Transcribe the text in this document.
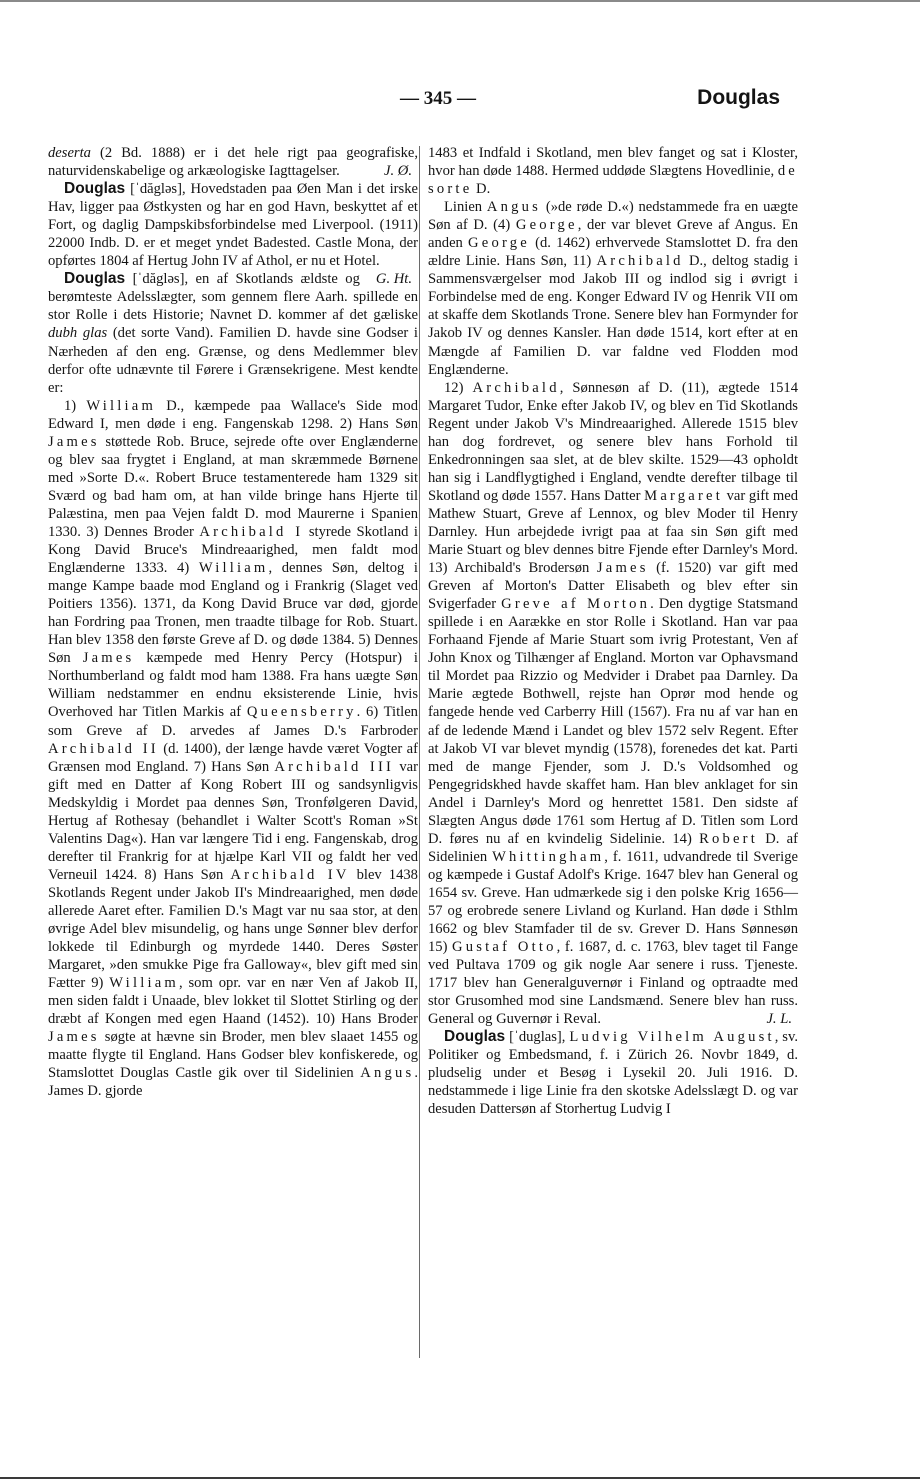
— 345 —	Douglas

deserta (2 Bd. 1888) er i det hele rigt paa geografiske, naturvidenskabelige og arkæologiske Iagttagelser.	J. Ø.

Douglas [ˈdăgləs], Hovedstaden paa Øen Man i det irske Hav, ligger paa Østkysten og har en god Havn, beskyttet af et Fort, og daglig Dampskibsforbindelse med Liverpool. (1911) 22000 Indb. D. er et meget yndet Badested. Castle Mona, der opførtes 1804 af Hertug John IV af Athol, er nu et Hotel.
G. Ht.

Douglas [ˈdăgləs], en af Skotlands ældste og berømteste Adelsslægter, som gennem flere Aarh. spillede en stor Rolle i dets Historie; Navnet D. kommer af det gæliske dubh glas (det sorte Vand). Familien D. havde sine Godser i Nærheden af den eng. Grænse, og dens Medlemmer blev derfor ofte udnævnte til Førere i Grænsekrigene. Mest kendte er:

1) William D., kæmpede paa Wallace's Side mod Edward I, men døde i eng. Fangenskab 1298. 2) Hans Søn James støttede Rob. Bruce, sejrede ofte over Englænderne og blev saa frygtet i England, at man skræmmede Børnene med »Sorte D.«. Robert Bruce testamenterede ham 1329 sit Sværd og bad ham om, at han vilde bringe hans Hjerte til Palæstina, men paa Vejen faldt D. mod Maurerne i Spanien 1330. 3) Dennes Broder Archibald I styrede Skotland i Kong David Bruce's Mindreaarighed, men faldt mod Englænderne 1333. 4) William, dennes Søn, deltog i mange Kampe baade mod England og i Frankrig (Slaget ved Poitiers 1356). 1371, da Kong David Bruce var død, gjorde han Fordring paa Tronen, men traadte tilbage for Rob. Stuart. Han blev 1358 den første Greve af D. og døde 1384. 5) Dennes Søn James kæmpede med Henry Percy (Hotspur) i Northumberland og faldt mod ham 1388. Fra hans uægte Søn William nedstammer en endnu eksisterende Linie, hvis Overhoved har Titlen Markis af Queensberry. 6) Titlen som Greve af D. arvedes af James D.'s Farbroder Archibald II (d. 1400), der længe havde været Vogter af Grænsen mod England. 7) Hans Søn Archibald III var gift med en Datter af Kong Robert III og sandsynligvis Medskyldig i Mordet paa dennes Søn, Tronfølgeren David, Hertug af Rothesay (behandlet i Walter Scott's Roman »St Valentins Dag«). Han var længere Tid i eng. Fangenskab, drog derefter til Frankrig for at hjælpe Karl VII og faldt her ved Verneuil 1424. 8) Hans Søn Archibald IV blev 1438 Skotlands Regent under Jakob II's Mindreaarighed, men døde allerede Aaret efter. Familien D.'s Magt var nu saa stor, at den øvrige Adel blev misundelig, og hans unge Sønner blev derfor lokkede til Edinburgh og myrdede 1440. Deres Søster Margaret, »den smukke Pige fra Galloway«, blev gift med sin Fætter 9) William, som opr. var en nær Ven af Jakob II, men siden faldt i Unaade, blev lokket til Slottet Stirling og der dræbt af Kongen med egen Haand (1452). 10) Hans Broder James søgte at hævne sin Broder, men blev slaaet 1455 og maatte flygte til England. Hans Godser blev konfiskerede, og Stamslottet Douglas Castle gik over til Sidelinien Angus. James D. gjorde

1483 et Indfald i Skotland, men blev fanget og sat i Kloster, hvor han døde 1488. Hermed uddøde Slægtens Hovedlinie, de sorte D.

Linien Angus (»de røde D.«) nedstammede fra en uægte Søn af D. (4) George, der var blevet Greve af Angus. En anden George (d. 1462) erhvervede Stamslottet D. fra den ældre Linie. Hans Søn, 11) Archibald D., deltog stadig i Sammensværgelser mod Jakob III og indlod sig i øvrigt i Forbindelse med de eng. Konger Edward IV og Henrik VII om at skaffe dem Skotlands Trone. Senere blev han Formynder for Jakob IV og dennes Kansler. Han døde 1514, kort efter at en Mængde af Familien D. var faldne ved Flodden mod Englænderne.

12) Archibald, Sønnesøn af D. (11), ægtede 1514 Margaret Tudor, Enke efter Jakob IV, og blev en Tid Skotlands Regent under Jakob V's Mindreaarighed. Allerede 1515 blev han dog fordrevet, og senere blev hans Forhold til Enkedronningen saa slet, at de blev skilte. 1529—43 opholdt han sig i Landflygtighed i England, vendte derefter tilbage til Skotland og døde 1557. Hans Datter Margaret var gift med Mathew Stuart, Greve af Lennox, og blev Moder til Henry Darnley. Hun arbejdede ivrigt paa at faa sin Søn gift med Marie Stuart og blev dennes bitre Fjende efter Darnley's Mord. 13) Archibald's Brodersøn James (f. 1520) var gift med Greven af Morton's Datter Elisabeth og blev efter sin Svigerfader Greve af Morton. Den dygtige Statsmand spillede i en Aarække en stor Rolle i Skotland. Han var paa Forhaand Fjende af Marie Stuart som ivrig Protestant, Ven af John Knox og Tilhænger af England. Morton var Ophavsmand til Mordet paa Rizzio og Medvider i Drabet paa Darnley. Da Marie ægtede Bothwell, rejste han Oprør mod hende og fangede hende ved Carberry Hill (1567). Fra nu af var han en af de ledende Mænd i Landet og blev 1572 selv Regent. Efter at Jakob VI var blevet myndig (1578), forenedes det kat. Parti med de mange Fjender, som J. D.'s Voldsomhed og Pengegridskhed havde skaffet ham. Han blev anklaget for sin Andel i Darnley's Mord og henrettet 1581. Den sidste af Slægten Angus døde 1761 som Hertug af D. Titlen som Lord D. føres nu af en kvindelig Sidelinie. 14) Robert D. af Sidelinien Whittingham, f. 1611, udvandrede til Sverige og kæmpede i Gustaf Adolf's Krige. 1647 blev han General og 1654 sv. Greve. Han udmærkede sig i den polske Krig 1656—57 og erobrede senere Livland og Kurland. Han døde i Sthlm 1662 og blev Stamfader til de sv. Grever D. Hans Sønnesøn 15) Gustaf Otto, f. 1687, d. c. 1763, blev taget til Fange ved Pultava 1709 og gik nogle Aar senere i russ. Tjeneste. 1717 blev han Generalguvernør i Finland og optraadte med stor Grusomhed mod sine Landsmænd. Senere blev han russ. General og Guvernør i Reval.	J. L.

Douglas [ˈduglas], Ludvig Vilhelm August, sv. Politiker og Embedsmand, f. i Zürich 26. Novbr 1849, d. pludselig under et Besøg i Lysekil 20. Juli 1916. D. nedstammede i lige Linie fra den skotske Adelsslægt D. og var desuden Dattersøn af Storhertug Ludvig I
